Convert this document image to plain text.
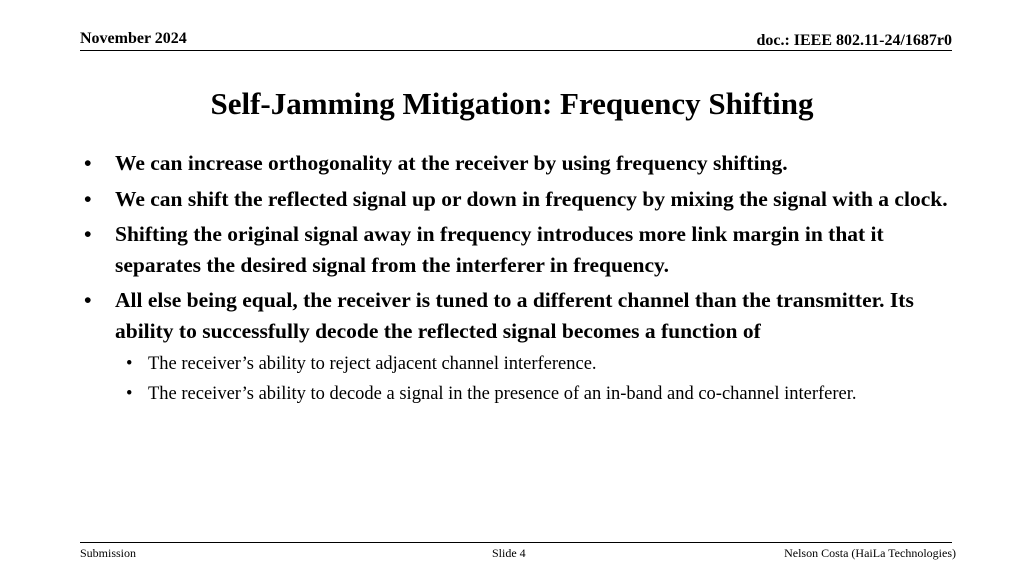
November 2024	doc.: IEEE 802.11-24/1687r0
Self-Jamming Mitigation: Frequency Shifting
• We can increase orthogonality at the receiver by using frequency shifting.
• We can shift the reflected signal up or down in frequency by mixing the signal with a clock.
• Shifting the original signal away in frequency introduces more link margin in that it separates the desired signal from the interferer in frequency.
• All else being equal, the receiver is tuned to a different channel than the transmitter. Its ability to successfully decode the reflected signal becomes a function of
• The receiver’s ability to reject adjacent channel interference.
• The receiver’s ability to decode a signal in the presence of an in-band and co-channel interferer.
Submission	Slide 4	Nelson Costa (HaiLa Technologies)
